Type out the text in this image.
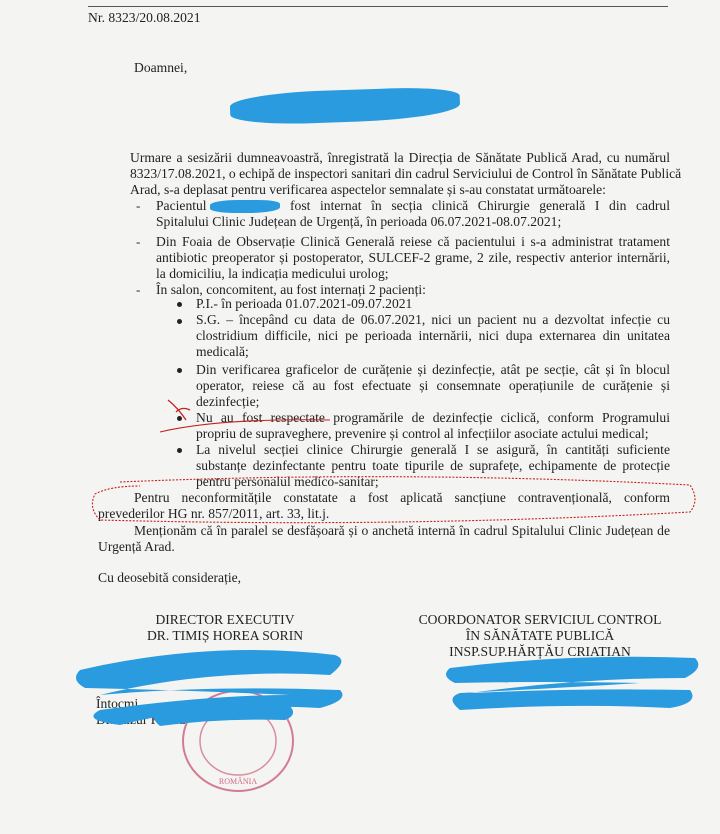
Nr. 8323/20.08.2021
Doamnei,
Urmare a sesizării dumneavoastră, înregistrată la Direcția de Sănătate Publică Arad, cu numărul
8323/17.08.2021, o echipă de inspectori sanitari din cadrul Serviciului de Control în Sănătate Publică
Arad, s-a deplasat pentru verificarea aspectelor semnalate și s-au constatat următoarele:
- Pacientul	fost internat în secția clinică Chirurgie generală I din cadrul
Spitalului Clinic Județean de Urgență, în perioada 06.07.2021-08.07.2021;
- Din Foaia de Observație Clinică Generală reiese că pacientului i s-a administrat tratament
antibiotic preoperator și postoperator, SULCEF-2 grame, 2 zile, respectiv anterior internării,
la domiciliu, la indicația medicului urolog;
- În salon, concomitent, au fost internați 2 pacienți:
P.I.- în perioada 01.07.2021-09.07.2021
S.G. – începând cu data de 06.07.2021, nici un pacient nu a dezvoltat infecție cu
clostridium difficile, nici pe perioada internării, nici dupa externarea din unitatea
medicală;
Din verificarea graficelor de curățenie și dezinfecție, atât pe secție, cât și în blocul
operator, reiese că au fost efectuate și consemnate operațiunile de curățenie și
dezinfecție;
Nu au fost respectate programările de dezinfecție ciclică, conform Programului
propriu de supraveghere, prevenire și control al infecțiilor asociate actului medical;
La nivelul secției clinice Chirurgie generală I se asigură, în cantități suficiente
substanțe dezinfectante pentru toate tipurile de suprafețe, echipamente de protecție
pentru personalul medico-sanitar;
Pentru neconformitățile constatate a fost aplicată sancțiune contravențională, conform
prevederilor HG nr. 857/2011, art. 33, lit.j.
Menționăm că în paralel se desfășoară și o anchetă internă în cadrul Spitalului Clinic Județean de
Urgență Arad.
Cu deosebită considerație,
DIRECTOR EXECUTIV
DR. TIMIȘ HOREA SORIN
COORDONATOR SERVICIUL CONTROL
ÎN SĂNĂTATE PUBLICĂ
INSP.SUP.HĂRȚĂU CRIATIAN
Întocmi
ROMÂNIA
